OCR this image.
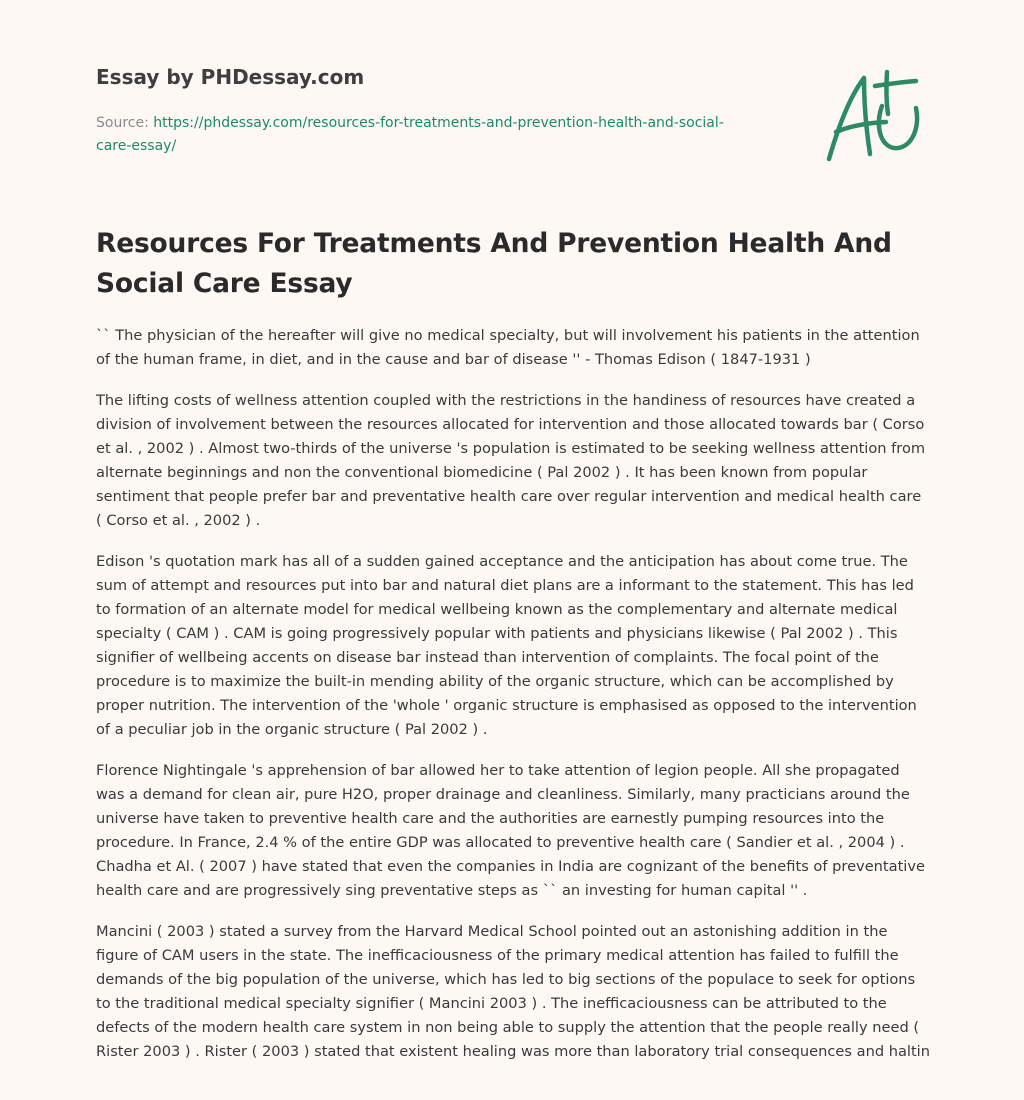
Essay by PHDessay.com
Source: https://phdessay.com/resources-for-treatments-and-prevention-health-and-social-care-essay/
Resources For Treatments And Prevention Health And Social Care Essay

`` The physician of the hereafter will give no medical specialty, but will involvement his patients in the attention of the human frame, in diet, and in the cause and bar of disease '' - Thomas Edison ( 1847-1931 )

The lifting costs of wellness attention coupled with the restrictions in the handiness of resources have created a division of involvement between the resources allocated for intervention and those allocated towards bar ( Corso et al. , 2002 ) . Almost two-thirds of the universe 's population is estimated to be seeking wellness attention from alternate beginnings and non the conventional biomedicine ( Pal 2002 ) . It has been known from popular sentiment that people prefer bar and preventative health care over regular intervention and medical health care ( Corso et al. , 2002 ) .

Edison 's quotation mark has all of a sudden gained acceptance and the anticipation has about come true. The sum of attempt and resources put into bar and natural diet plans are a informant to the statement. This has led to formation of an alternate model for medical wellbeing known as the complementary and alternate medical specialty ( CAM ) . CAM is going progressively popular with patients and physicians likewise ( Pal 2002 ) . This signifier of wellbeing accents on disease bar instead than intervention of complaints. The focal point of the procedure is to maximize the built-in mending ability of the organic structure, which can be accomplished by proper nutrition. The intervention of the 'whole ' organic structure is emphasised as opposed to the intervention of a peculiar job in the organic structure ( Pal 2002 ) .

Florence Nightingale 's apprehension of bar allowed her to take attention of legion people. All she propagated was a demand for clean air, pure H2O, proper drainage and cleanliness. Similarly, many practicians around the universe have taken to preventive health care and the authorities are earnestly pumping resources into the procedure. In France, 2.4 % of the entire GDP was allocated to preventive health care ( Sandier et al. , 2004 ) . Chadha et Al. ( 2007 ) have stated that even the companies in India are cognizant of the benefits of preventative health care and are progressively sing preventative steps as `` an investing for human capital '' .

Mancini ( 2003 ) stated a survey from the Harvard Medical School pointed out an astonishing addition in the figure of CAM users in the state. The inefficaciousness of the primary medical attention has failed to fulfill the demands of the big population of the universe, which has led to big sections of the populace to seek for options to the traditional medical specialty signifier ( Mancini 2003 ) . The inefficaciousness can be attributed to the defects of the modern health care system in non being able to supply the attention that the people really need ( Rister 2003 ) . Rister ( 2003 ) stated that existent healing was more than laboratory trial consequences and haltin
